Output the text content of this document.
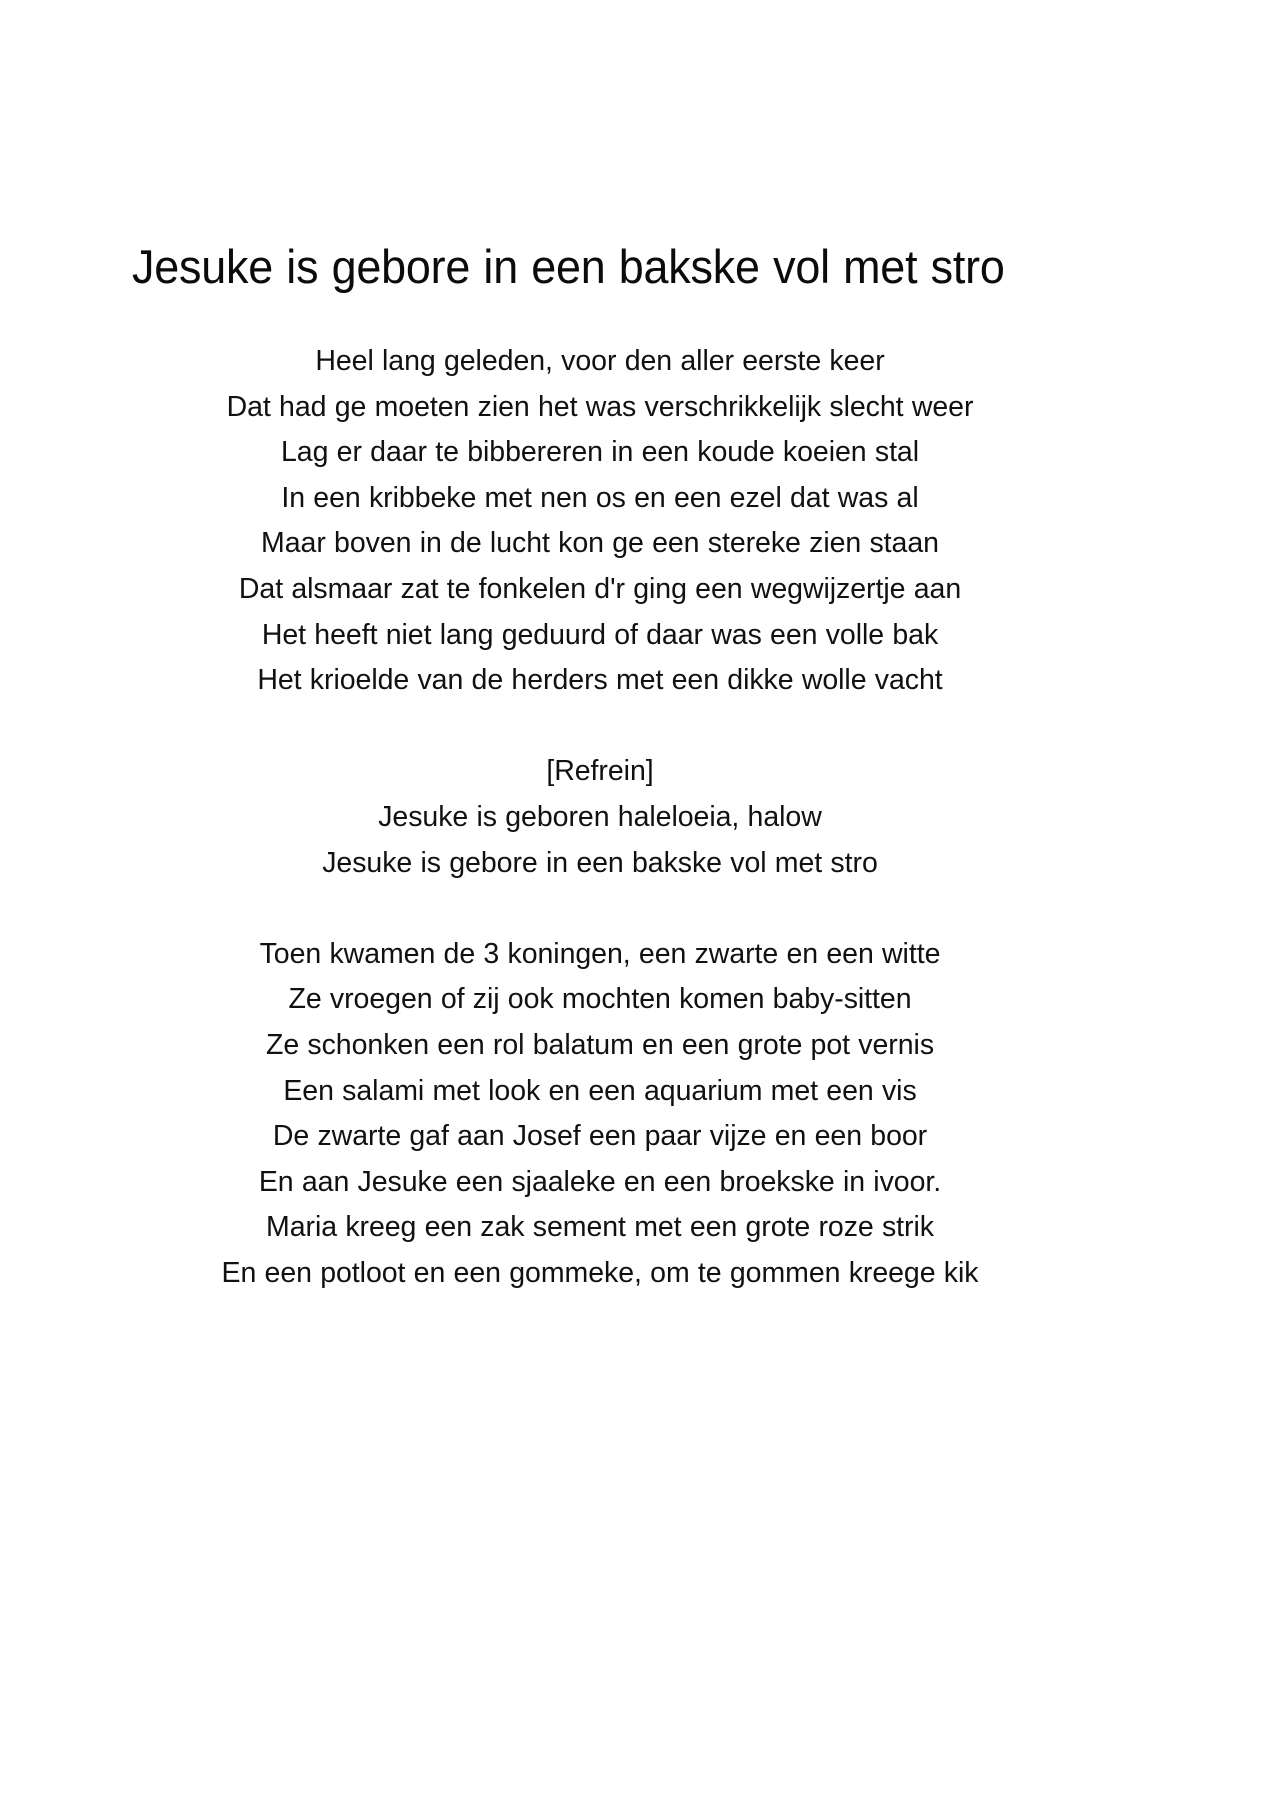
Jesuke is gebore in een bakske vol met stro
Heel lang geleden, voor den aller eerste keer
Dat had ge moeten zien het was verschrikkelijk slecht weer
Lag er daar te bibbereren in een koude koeien stal
In een kribbeke met nen os en een ezel dat was al
Maar boven in de lucht kon ge een stereke zien staan
Dat alsmaar zat te fonkelen d'r ging een wegwijzertje aan
Het heeft niet lang geduurd of daar was een volle bak
Het krioelde van de herders met een dikke wolle vacht
[Refrein]
Jesuke is geboren haleloeia, halow
Jesuke is gebore in een bakske vol met stro
Toen kwamen de 3 koningen, een zwarte en een witte
Ze vroegen of zij ook mochten komen baby-sitten
Ze schonken een rol balatum en een grote pot vernis
Een salami met look en een aquarium met een vis
De zwarte gaf aan Josef een paar vijze en een boor
En aan Jesuke een sjaaleke en een broekske in ivoor.
Maria kreeg een zak sement met een grote roze strik
En een potloot en een gommeke, om te gommen kreege kik
